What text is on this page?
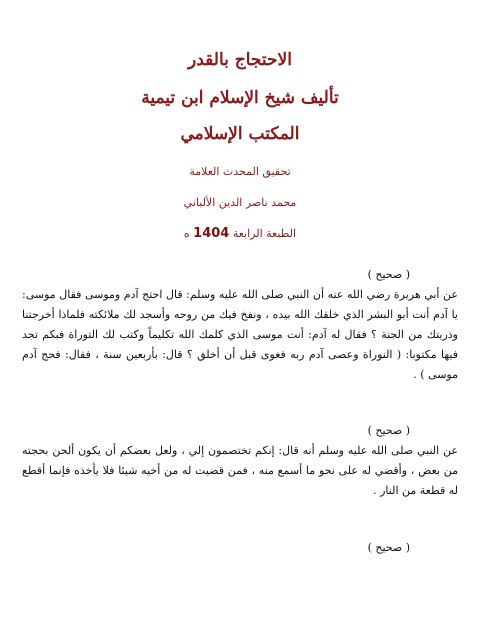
الاحتجاج بالقدر
تأليف شيخ الإسلام ابن تيمية
المكتب الإسلامي
تحقيق المحدث العلامة
محمد ناصر الدين الألباني
الطبعة الرابعة 1404 ه
( صحيح )
عن أبي هريرة رضي الله عنه أن النبي صلى الله عليه وسلم: قال احتج آدم وموسى فقال موسى: يا آدم أنت أبو البشر الذي خلقك الله بيده ، ونفخ فيك من روحه وأسجد لك ملائكته فلماذا أخرجتنا وذريتك من الجنة ؟ فقال له آدم: أنت موسى الذي كلمك الله تكليماً وكتب لك التوراة فبكم تجد فيها مكتوبا: ( النوراة وعصى آدم ربه فغوى قبل أن أخلق ؟ قال: بأربعين سنة ، فقال: فحج آدم موسى ) .
( صحيح )
عن النبي صلى الله عليه وسلم أنه قال: إنكم تختصمون إلي ، ولعل بعضكم أن يكون ألحن بحجته من بعض ، وأقضي له على نحو ما أسمع منه ، فمن قضيت له من أخيه شيئا فلا يأخذه فإنما أقطع له قطعة من النار .
( صحيح )
